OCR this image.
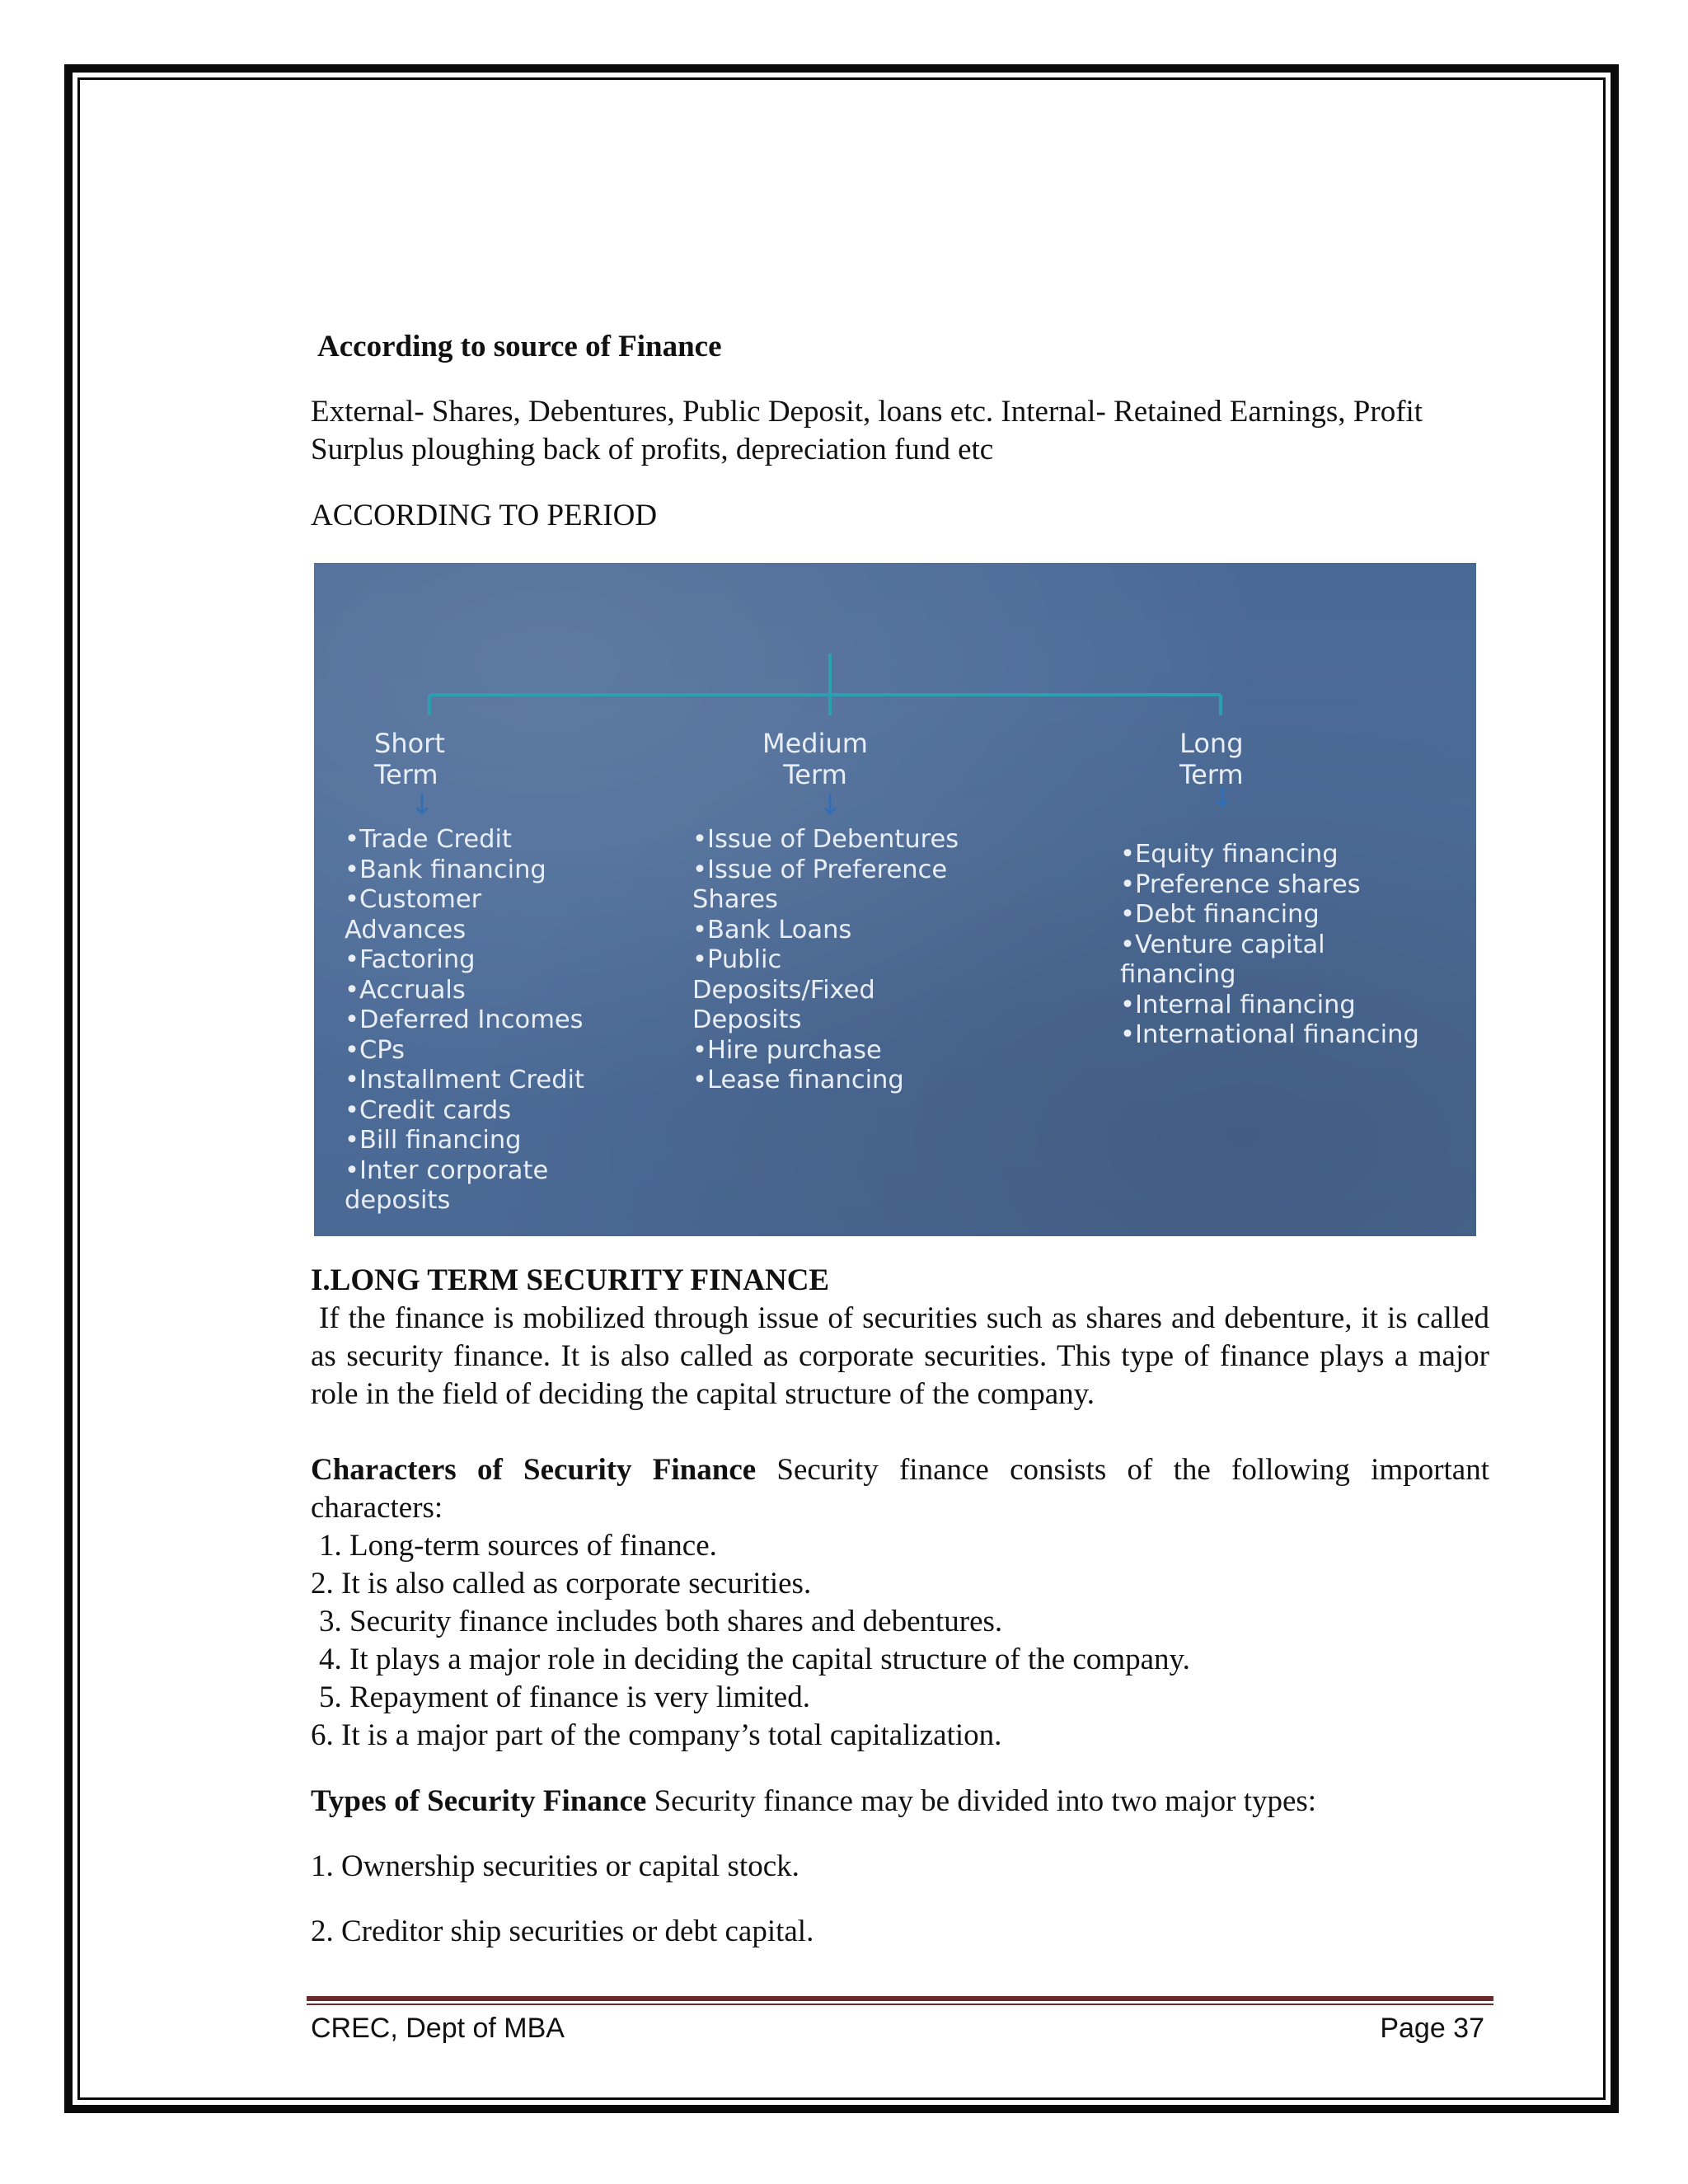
According to source of Finance
External- Shares, Debentures, Public Deposit, loans etc. Internal- Retained Earnings, Profit Surplus ploughing back of profits, depreciation fund etc
ACCORDING TO PERIOD
Short
Term
↓
•Trade Credit
•Bank financing
•Customer
Advances
•Factoring
•Accruals
•Deferred Incomes
•CPs
•Installment Credit
•Credit cards
•Bill financing
•Inter corporate
deposits
Medium
Term
↓
•Issue of Debentures
•Issue of Preference
Shares
•Bank Loans
•Public
Deposits/Fixed
Deposits
•Hire purchase
•Lease financing
Long
Term
↓
•Equity financing
•Preference shares
•Debt financing
•Venture capital
financing
•Internal financing
•International financing
I.LONG TERM SECURITY FINANCE
If the finance is mobilized through issue of securities such as shares and debenture, it is called as security finance. It is also called as corporate securities. This type of finance plays a major role in the field of deciding the capital structure of the company.
Characters of Security Finance Security finance consists of the following important characters:
1. Long-term sources of finance.
2. It is also called as corporate securities.
3. Security finance includes both shares and debentures.
4. It plays a major role in deciding the capital structure of the company.
5. Repayment of finance is very limited.
6. It is a major part of the company’s total capitalization.
Types of Security Finance Security finance may be divided into two major types:
1. Ownership securities or capital stock.
2. Creditor ship securities or debt capital.
CREC, Dept of MBA	Page 37
